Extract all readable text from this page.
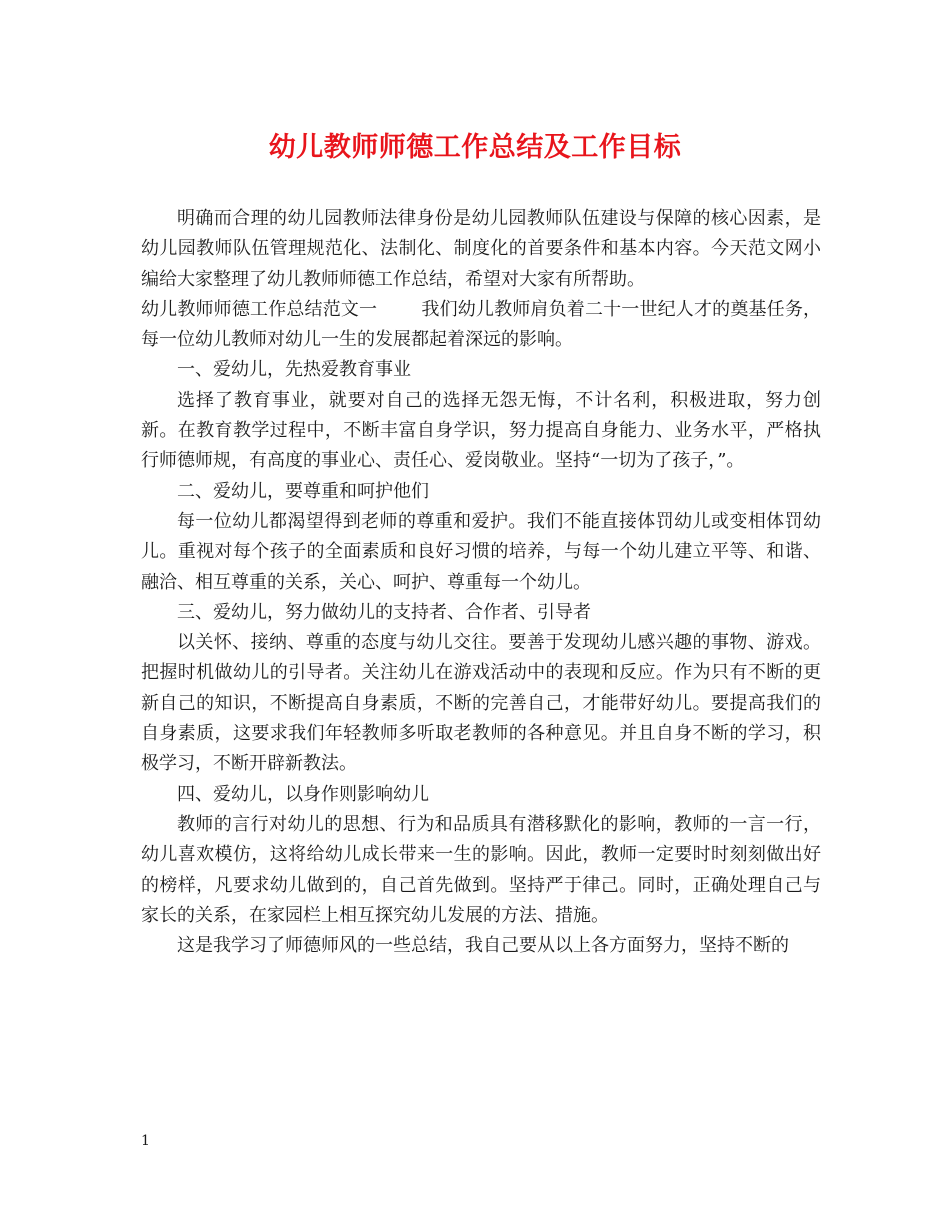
幼儿教师师德工作总结及工作目标

明确而合理的幼儿园教师法律身份是幼儿园教师队伍建设与保障的核心因素，是幼儿园教师队伍管理规范化、法制化、制度化的首要条件和基本内容。今天范文网小编给大家整理了幼儿教师师德工作总结，希望对大家有所帮助。

幼儿教师师德工作总结范文一 我们幼儿教师肩负着二十一世纪人才的奠基任务，每一位幼儿教师对幼儿一生的发展都起着深远的影响。

一、爱幼儿，先热爱教育事业

选择了教育事业，就要对自己的选择无怨无悔，不计名利，积极进取，努力创新。在教育教学过程中，不断丰富自身学识，努力提高自身能力、业务水平，严格执行师德师规，有高度的事业心、责任心、爱岗敬业。坚持“一切为了孩子，”。

二、爱幼儿，要尊重和呵护他们

每一位幼儿都渴望得到老师的尊重和爱护。我们不能直接体罚幼儿或变相体罚幼儿。重视对每个孩子的全面素质和良好习惯的培养，与每一个幼儿建立平等、和谐、融洽、相互尊重的关系，关心、呵护、尊重每一个幼儿。

三、爱幼儿，努力做幼儿的支持者、合作者、引导者

以关怀、接纳、尊重的态度与幼儿交往。要善于发现幼儿感兴趣的事物、游戏。把握时机做幼儿的引导者。关注幼儿在游戏活动中的表现和反应。作为只有不断的更新自己的知识，不断提高自身素质，不断的完善自己，才能带好幼儿。要提高我们的自身素质，这要求我们年轻教师多听取老教师的各种意见。并且自身不断的学习，积极学习，不断开辟新教法。

四、爱幼儿，以身作则影响幼儿

教师的言行对幼儿的思想、行为和品质具有潜移默化的影响，教师的一言一行，幼儿喜欢模仿，这将给幼儿成长带来一生的影响。因此，教师一定要时时刻刻做出好的榜样，凡要求幼儿做到的，自己首先做到。坚持严于律己。同时，正确处理自己与家长的关系，在家园栏上相互探究幼儿发展的方法、措施。

这是我学习了师德师风的一些总结，我自己要从以上各方面努力，坚持不断的

1
